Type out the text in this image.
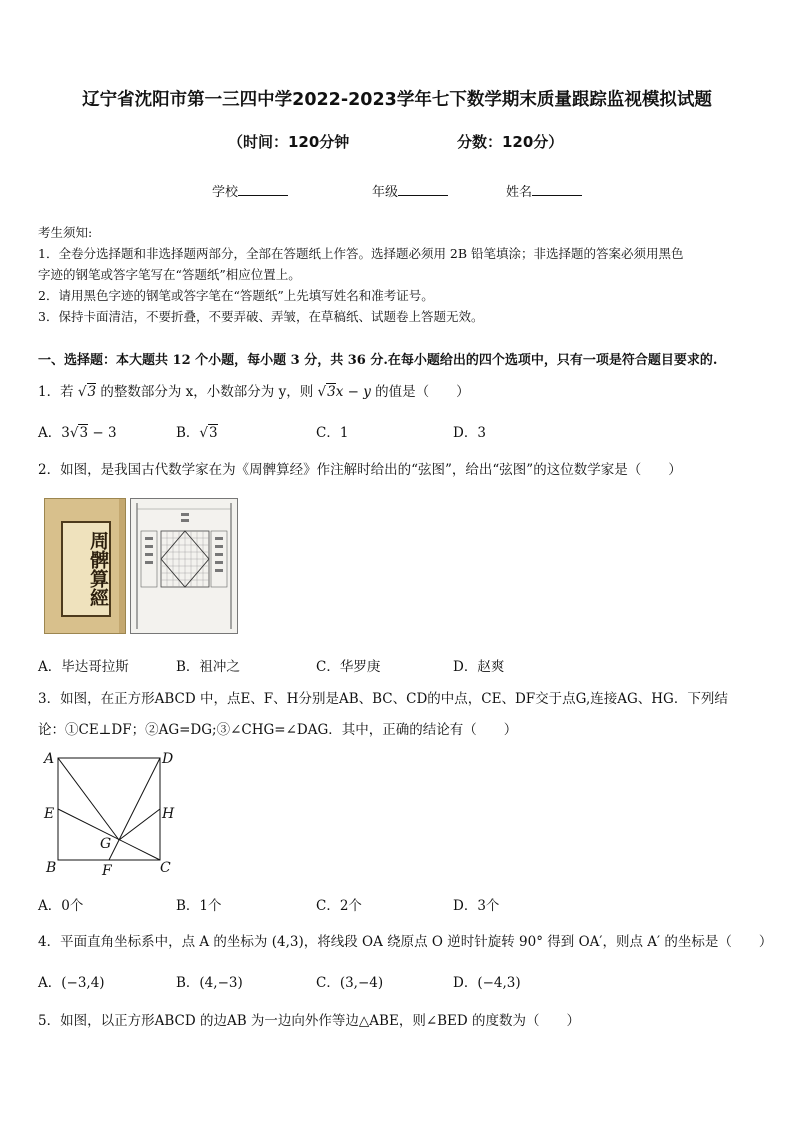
辽宁省沈阳市第一三四中学2022-2023学年七下数学期末质量跟踪监视模拟试题
（时间：120分钟	分数：120分）
学校	年级	姓名
考生须知:
1．全卷分选择题和非选择题两部分，全部在答题纸上作答。选择题必须用 2B 铅笔填涂；非选择题的答案必须用黑色
字迹的钢笔或答字笔写在“答题纸”相应位置上。
2．请用黑色字迹的钢笔或答字笔在“答题纸”上先填写姓名和准考证号。
3．保持卡面清洁，不要折叠，不要弄破、弄皱，在草稿纸、试题卷上答题无效。
一、选择题：本大题共 12 个小题，每小题 3 分，共 36 分.在每小题给出的四个选项中，只有一项是符合题目要求的.
1．若 √3 的整数部分为 x，小数部分为 y，则 √3x − y 的值是（　　）
A．3√3 − 3	B．√3	C．1	D．3
2．如图，是我国古代数学家在为《周髀算经》作注解时给出的“弦图”，给出“弦图”的这位数学家是（　　）
周髀算經
A．毕达哥拉斯	B．祖冲之	C．华罗庚	D．赵爽
3．如图，在正方形ABCD 中，点E、F、H分别是AB、BC、CD的中点，CE、DF交于点G,连接AG、HG．下列结
论：①CE⊥DF；②AG=DG;③∠CHG=∠DAG．其中，正确的结论有（　　）
A	D
E	H
G
B	C
F
A．0个	B．1个	C．2个	D．3个
4．平面直角坐标系中，点 A 的坐标为 (4,3)，将线段 OA 绕原点 O 逆时针旋转 90° 得到 OA′，则点 A′ 的坐标是（　　）
A．(−3,4)	B．(4,−3)	C．(3,−4)	D．(−4,3)
5．如图，以正方形ABCD 的边AB 为一边向外作等边△ABE，则∠BED 的度数为（　　）
